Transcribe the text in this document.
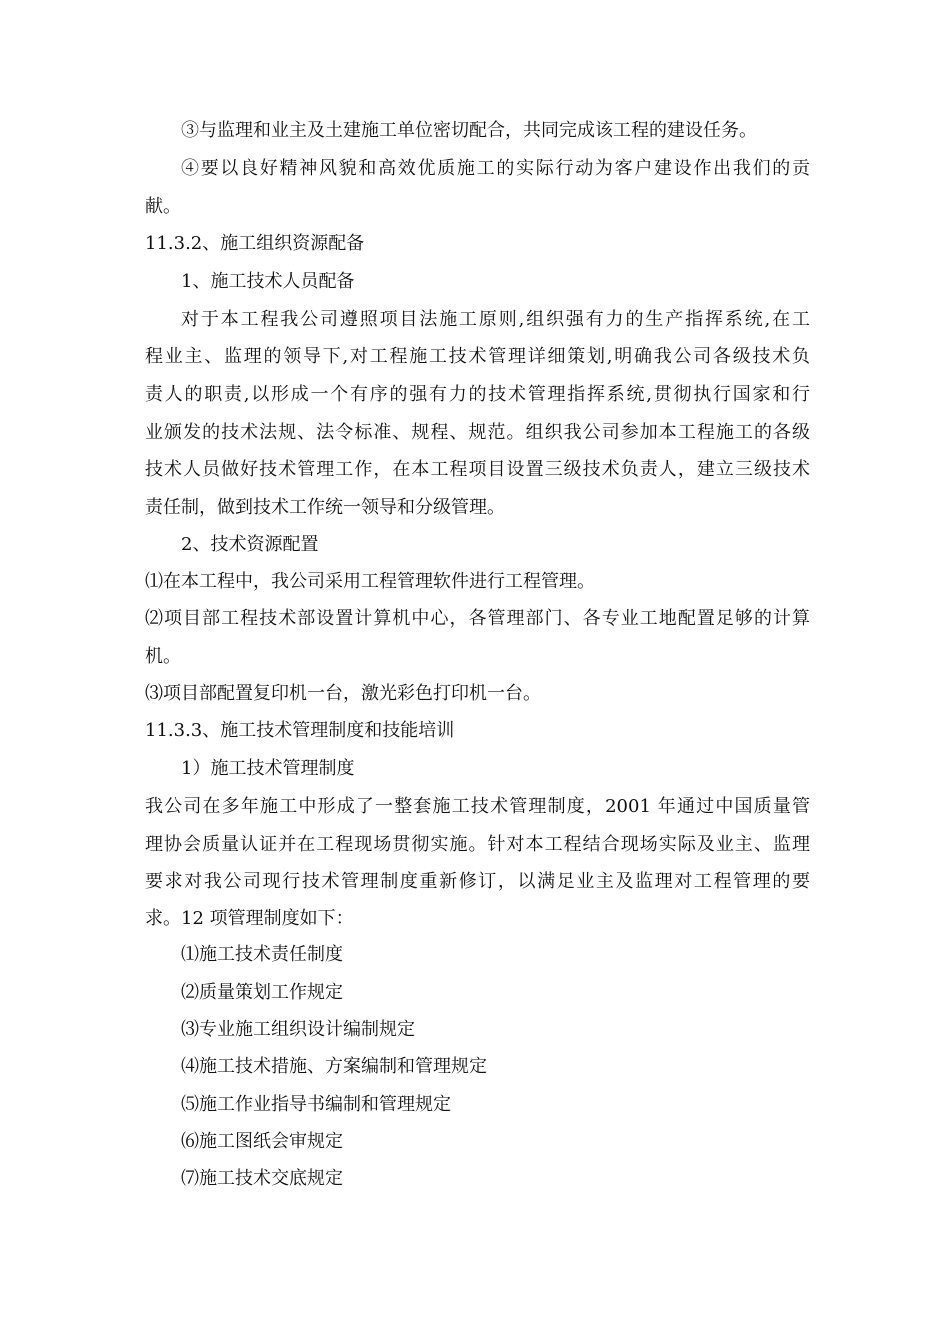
③与监理和业主及土建施工单位密切配合，共同完成该工程的建设任务。
④要以良好精神风貌和高效优质施工的实际行动为客户建设作出我们的贡
献。
11.3.2、施工组织资源配备
1、施工技术人员配备
对于本工程我公司遵照项目法施工原则,组织强有力的生产指挥系统,在工
程业主、监理的领导下,对工程施工技术管理详细策划,明确我公司各级技术负
责人的职责,以形成一个有序的强有力的技术管理指挥系统,贯彻执行国家和行
业颁发的技术法规、法令标准、规程、规范。组织我公司参加本工程施工的各级
技术人员做好技术管理工作，在本工程项目设置三级技术负责人，建立三级技术
责任制，做到技术工作统一领导和分级管理。
2、技术资源配置
⑴在本工程中，我公司采用工程管理软件进行工程管理。
⑵项目部工程技术部设置计算机中心，各管理部门、各专业工地配置足够的计算
机。
⑶项目部配置复印机一台，激光彩色打印机一台。
11.3.3、施工技术管理制度和技能培训
1）施工技术管理制度
我公司在多年施工中形成了一整套施工技术管理制度，2001 年通过中国质量管
理协会质量认证并在工程现场贯彻实施。针对本工程结合现场实际及业主、监理
要求对我公司现行技术管理制度重新修订，以满足业主及监理对工程管理的要
求。12 项管理制度如下：
⑴施工技术责任制度
⑵质量策划工作规定
⑶专业施工组织设计编制规定
⑷施工技术措施、方案编制和管理规定
⑸施工作业指导书编制和管理规定
⑹施工图纸会审规定
⑺施工技术交底规定
